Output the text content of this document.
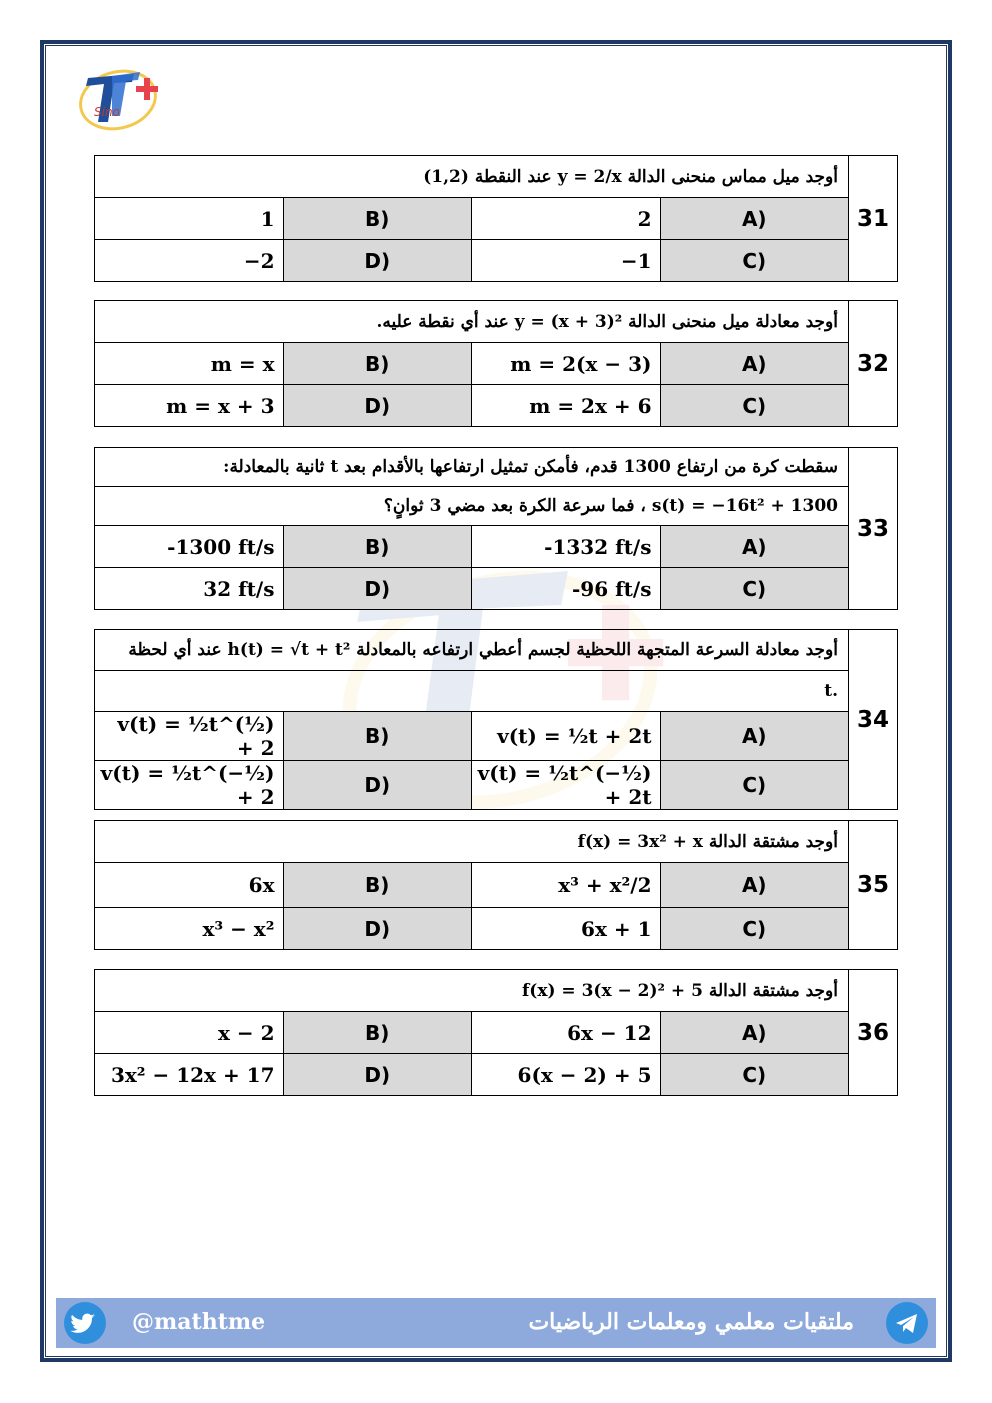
Sino
أوجد ميل مماس منحنى الدالة y = 2/x عند النقطة (1,2)				31
1	B)	2	A)	
−2	D)	−1	C)	
أوجد معادلة ميل منحنى الدالة y = (x + 3)² عند أي نقطة عليه.				32
m = x	B)	m = 2(x − 3)	A)	
m = x + 3	D)	m = 2x + 6	C)	
سقطت كرة من ارتفاع 1300 قدم، فأمكن تمثيل ارتفاعها بالأقدام بعد t ثانية بالمعادلة:				33
s(t) = −16t² + 1300 ، فما سرعة الكرة بعد مضي 3 ثوانٍ؟				
-1300 ft/s	B)	-1332 ft/s	A)	
32 ft/s	D)	-96 ft/s	C)	
أوجد معادلة السرعة المتجهة اللحظية لجسم أعطي ارتفاعه بالمعادلة h(t) = √t + t² عند أي لحظة				34
.t				
v(t) = ½t^(½) + 2	B)	v(t) = ½t + 2t	A)	
v(t) = ½t^(−½) + 2	D)	v(t) = ½t^(−½) + 2t	C)	
أوجد مشتقة الدالة f(x) = 3x² + x				35
6x	B)	x³ + x²/2	A)	
x³ − x²	D)	6x + 1	C)	
أوجد مشتقة الدالة f(x) = 3(x − 2)² + 5				36
x − 2	B)	6x − 12	A)	
3x² − 12x + 17	D)	6(x − 2) + 5	C)	
@mathtme	ملتقيات معلمي ومعلمات الرياضيات
